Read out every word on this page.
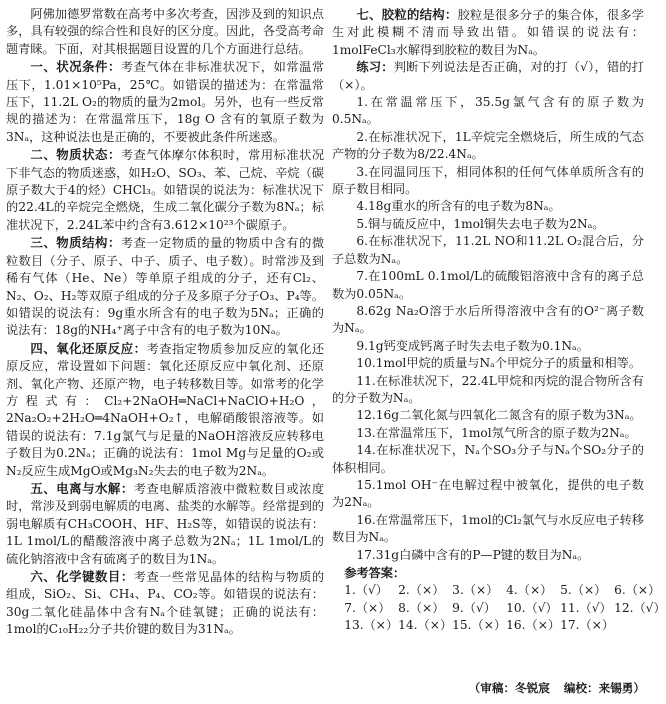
阿佛加德罗常数在高考中多次考查，因涉及到的知识点多，具有较强的综合性和良好的区分度。因此，各受高考命题青睐。下面，对其根据题目设置的几个方面进行总结。

一、状况条件：考查气体在非标准状况下，如常温常压下，1.01×10⁵Pa，25℃。如错误的描述为：在常温常压下，11.2L O₂的物质的量为2mol。另外，也有一些反常规的描述为：在常温常压下，18g O 含有的氧原子数为3Nₐ，这种说法也是正确的，不要被此条件所迷惑。

二、物质状态：考查气体摩尔体积时，常用标准状况下非气态的物质迷惑，如H₂O、SO₃、苯、己烷、辛烷（碳原子数大于4的烃）CHCl₃。如错误的说法为：标准状况下的22.4L的辛烷完全燃烧，生成二氧化碳分子数为8Nₐ；标准状况下，2.24L苯中约含有3.612×10²³个碳原子。

三、物质结构：考查一定物质的量的物质中含有的微粒数目（分子、原子、中子、质子、电子数）。时常涉及到稀有气体（He、Ne）等单原子组成的分子，还有Cl₂、N₂、O₂、H₂等双原子组成的分子及多原子分子O₃、P₄等。如错误的说法有：9g重水所含有的电子数为5Nₐ；正确的说法有：18g的NH₄⁺离子中含有的电子数为10Nₐ。

四、氧化还原反应：考查指定物质参加反应的氧化还原反应，常设置如下问题：氧化还原反应中氧化剂、还原剂、氧化产物、还原产物，电子转移数目等。如常考的化学方程式有：Cl₂+2NaOH═NaCl+NaClO+H₂O，2Na₂O₂+2H₂O═4NaOH+O₂↑，电解硝酸银溶液等。如错误的说法有：7.1g氯气与足量的NaOH溶液反应转移电子数目为0.2Nₐ；正确的说法有：1mol Mg与足量的O₂或N₂反应生成MgO或Mg₃N₂失去的电子数为2Nₐ。

五、电离与水解：考查电解质溶液中微粒数目或浓度时，常涉及到弱电解质的电离、盐类的水解等。经常提到的弱电解质有CH₃COOH、HF、H₂S等，如错误的说法有：1L 1mol/L的醋酸溶液中离子总数为2Nₐ；1L 1mol/L的硫化钠溶液中含有硫离子的数目为1Nₐ。

六、化学键数目：考查一些常见晶体的结构与物质的组成，SiO₂、Si、CH₄、P₄、CO₂等。如错误的说法有：30g二氧化硅晶体中含有Nₐ个硅氧键；正确的说法有：1mol的C₁₀H₂₂分子共价键的数目为31Nₐ。

七、胶粒的结构：胶粒是很多分子的集合体，很多学生对此模糊不清而导致出错。如错误的说法有：1molFeCl₃水解得到胶粒的数目为Nₐ。

练习：判断下列说法是否正确，对的打（√），错的打（×）。

1.在常温常压下，35.5g氯气含有的原子数为0.5Nₐ。

2.在标准状况下，1L辛烷完全燃烧后，所生成的气态产物的分子数为8/22.4Nₐ。

3.在同温同压下，相同体积的任何气体单质所含有的原子数目相同。

4.18g重水的所含有的电子数为8Nₐ。

5.铜与硫反应中，1mol铜失去电子数为2Nₐ。

6.在标准状况下，11.2L NO和11.2L O₂混合后，分子总数为Nₐ。

7.在100mL 0.1mol/L的硫酸铝溶液中含有的离子总数为0.05Nₐ。

8.62g Na₂O溶于水后所得溶液中含有的O²⁻离子数为Nₐ。

9.1g钙变成钙离子时失去电子数为0.1Nₐ。

10.1mol甲烷的质量与Nₐ个甲烷分子的质量和相等。

11.在标准状况下，22.4L甲烷和丙烷的混合物所含有的分子数为Nₐ。

12.16g二氧化氮与四氧化二氮含有的原子数为3Nₐ。

13.在常温常压下，1mol氖气所含的原子数为2Nₐ。

14.在标准状况下，Nₐ个SO₃分子与Nₐ个SO₂分子的体积相同。

15.1mol OH⁻在电解过程中被氧化，提供的电子数为2Nₐ。

16.在常温常压下，1mol的Cl₂氯气与水反应电子转移数目为Nₐ。

17.31g白磷中含有的P—P键的数目为Nₐ。

参考答案：
1.（√） 2.（×） 3.（×） 4.（×） 5.（×） 6.（×）
7.（×） 8.（×） 9.（√） 10.（√） 11.（√） 12.（√）
13.（×） 14.（×） 15.（×） 16.（×） 17.（×）
（审稿：冬锐宸 编校：来锡勇）
